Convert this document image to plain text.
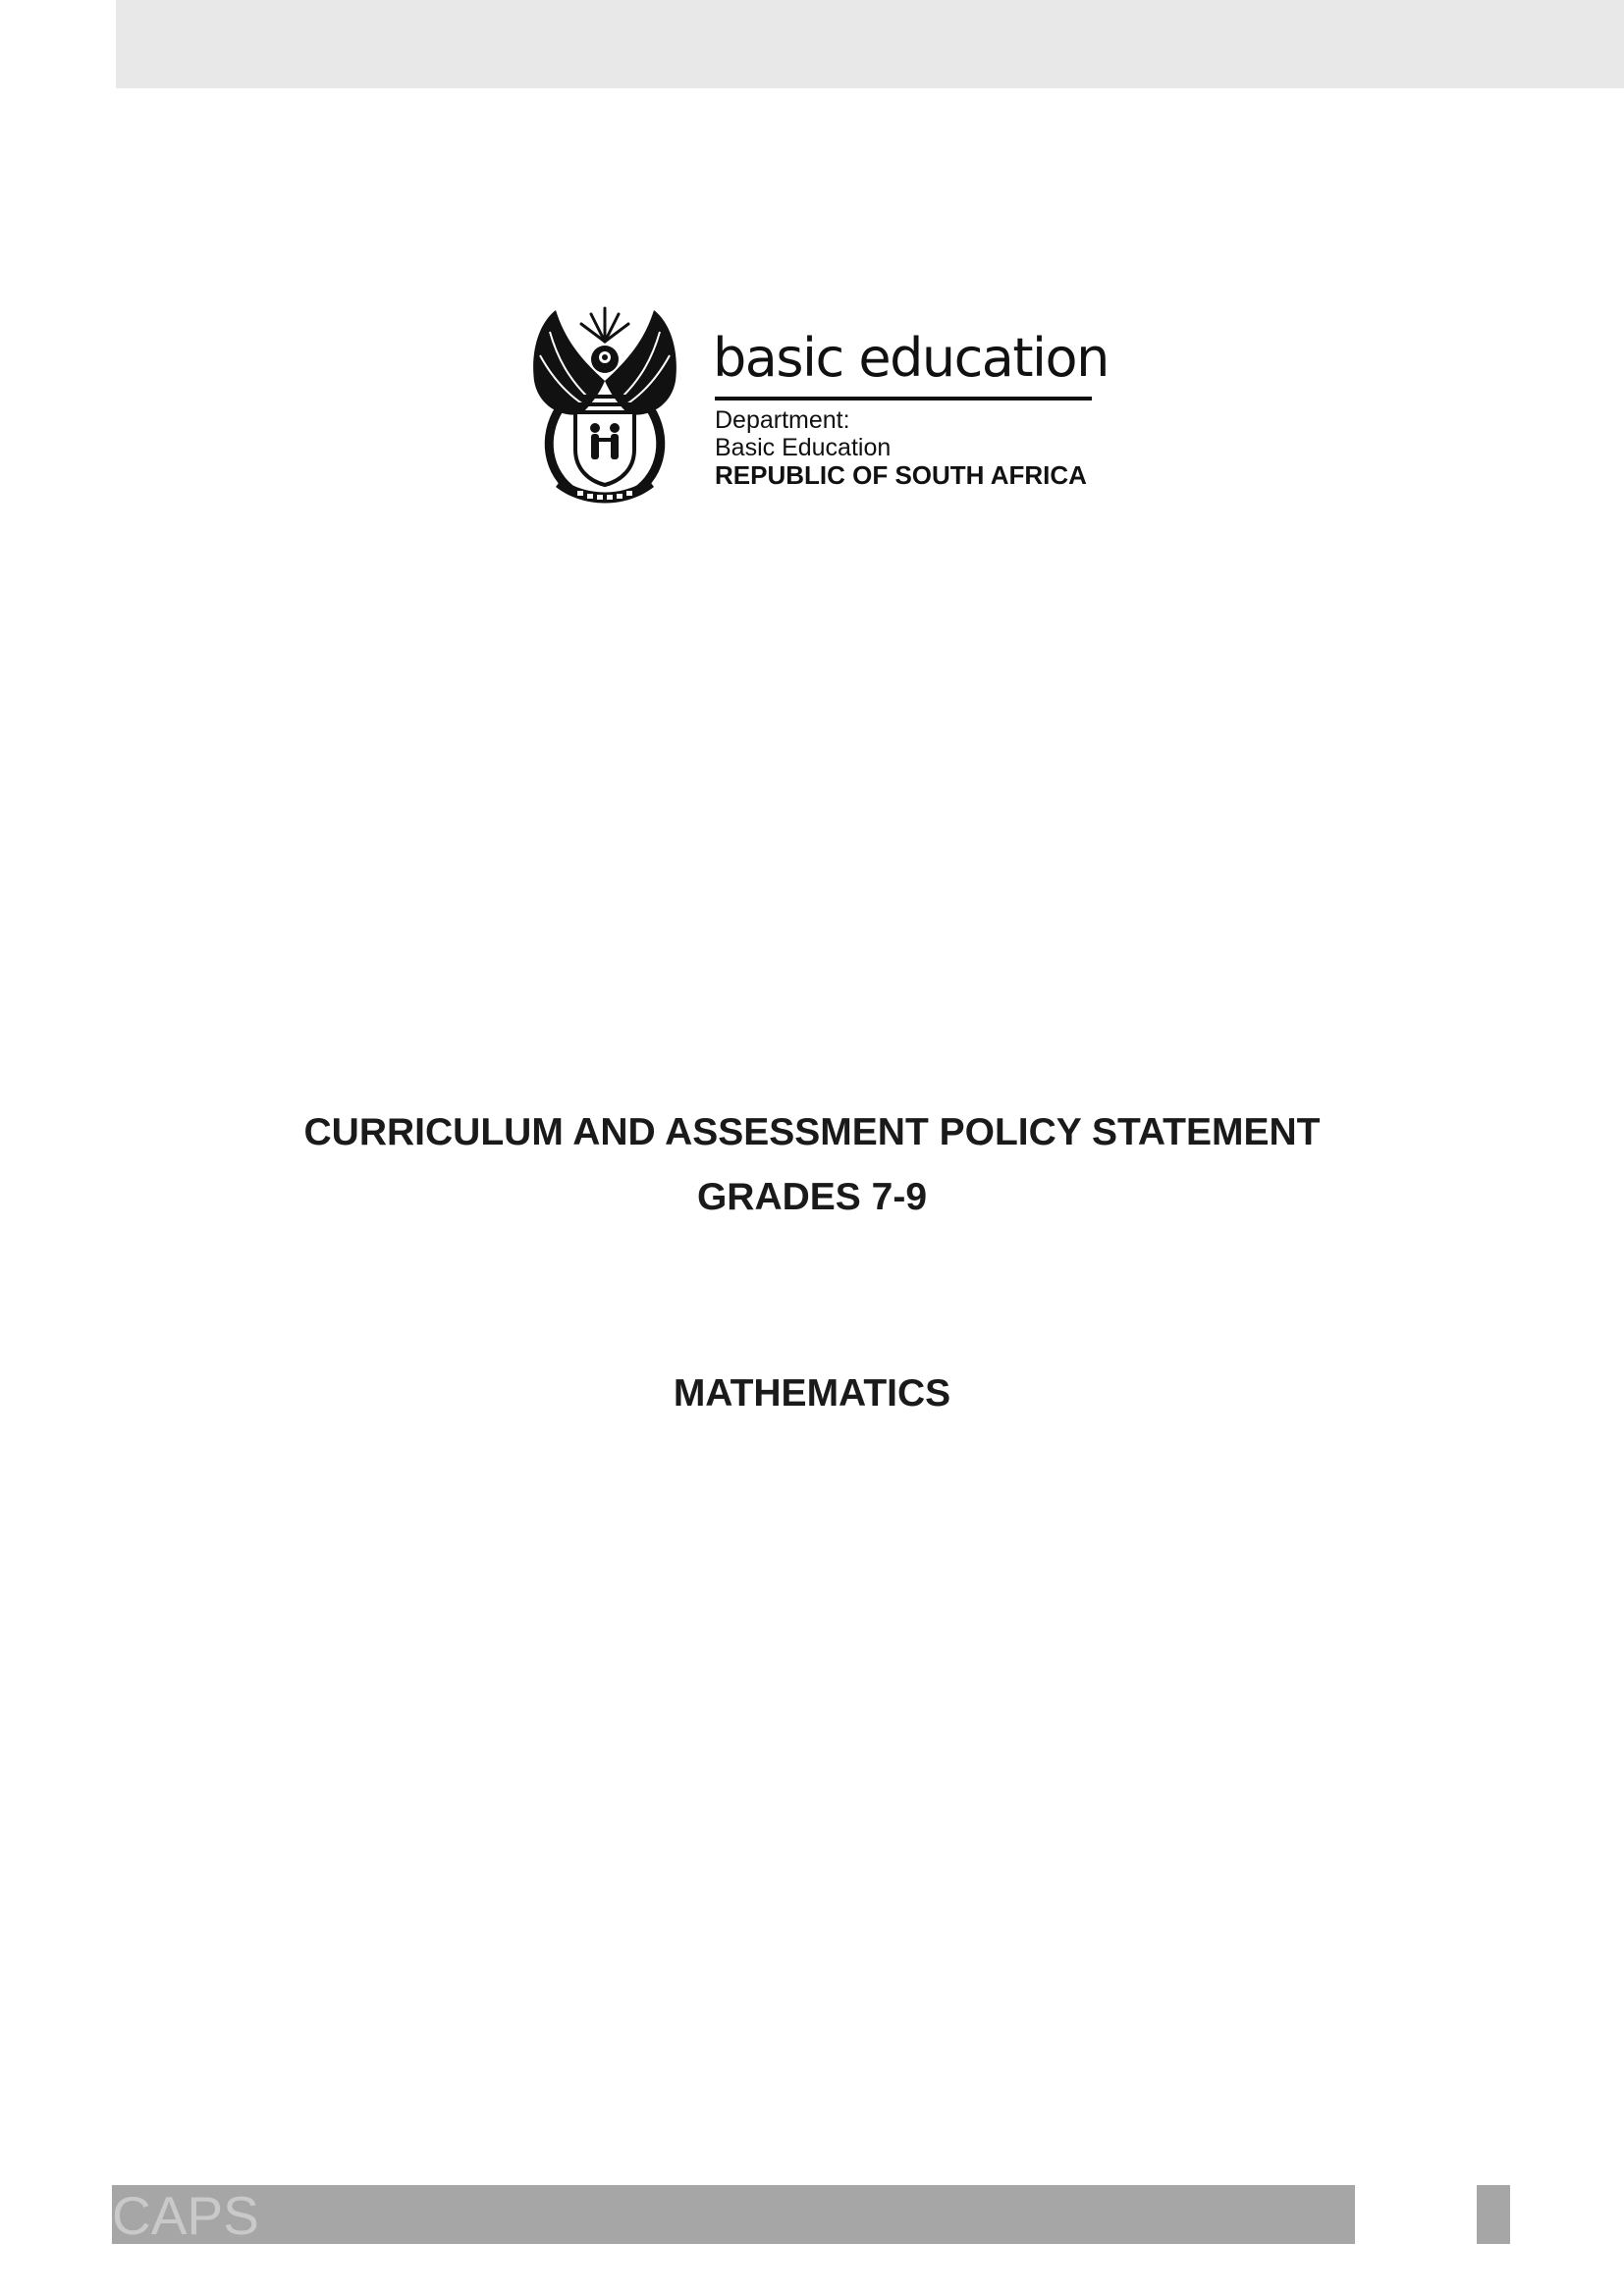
basic education
Department:
Basic Education
REPUBLIC OF SOUTH AFRICA
CURRICULUM AND ASSESSMENT POLICY STATEMENT
GRADES 7-9
MATHEMATICS
CAPS
